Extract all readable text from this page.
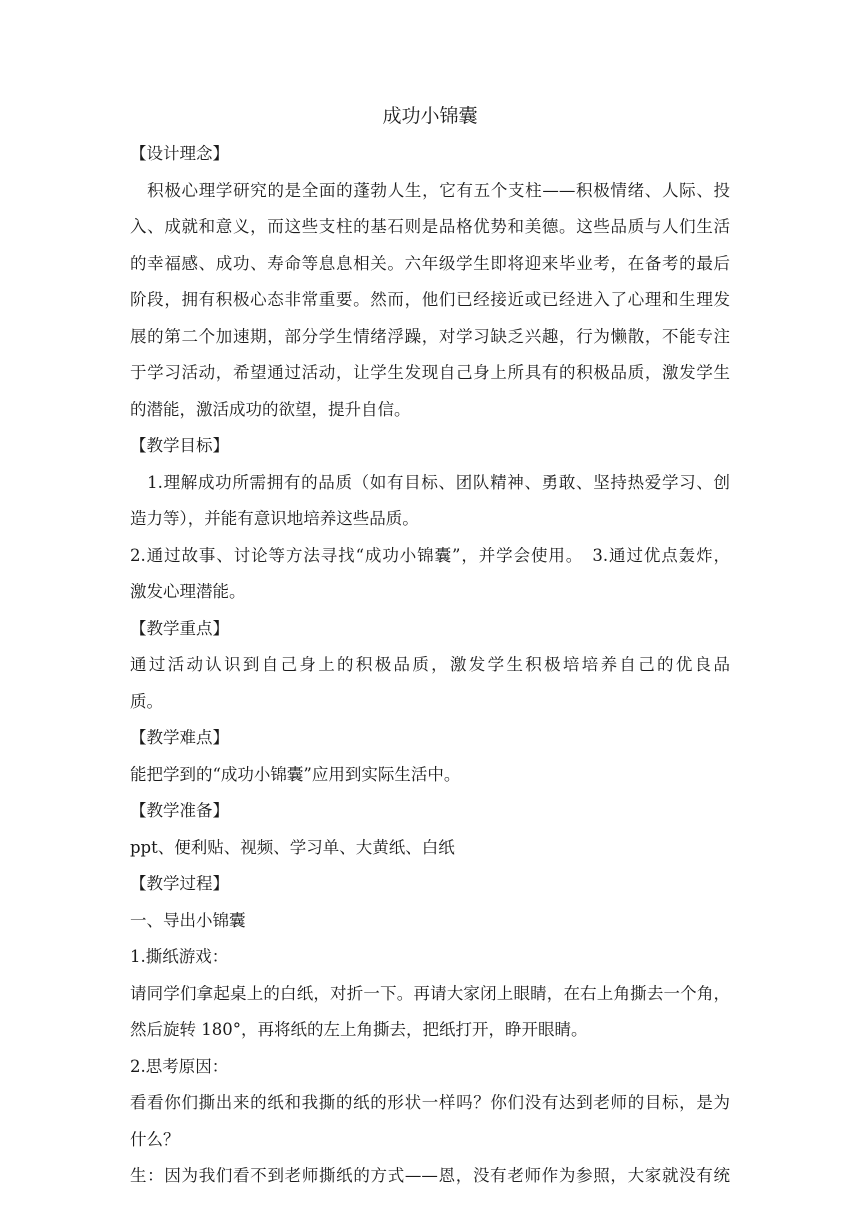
成功小锦囊

【设计理念】

　积极心理学研究的是全面的蓬勃人生，它有五个支柱——积极情绪、人际、投

入、成就和意义，而这些支柱的基石则是品格优势和美德。这些品质与人们生活

的幸福感、成功、寿命等息息相关。六年级学生即将迎来毕业考，在备考的最后

阶段，拥有积极心态非常重要。然而，他们已经接近或已经进入了心理和生理发

展的第二个加速期，部分学生情绪浮躁，对学习缺乏兴趣，行为懒散，不能专注

于学习活动，希望通过活动，让学生发现自己身上所具有的积极品质，激发学生

的潜能，激活成功的欲望，提升自信。

【教学目标】

　1.理解成功所需拥有的品质（如有目标、团队精神、勇敢、坚持热爱学习、创

造力等），并能有意识地培养这些品质。

2.通过故事、讨论等方法寻找“成功小锦囊”，并学会使用。　3.通过优点轰炸，

激发心理潜能。

【教学重点】

通过活动认识到自己身上的积极品质，激发学生积极培培养自己的优良品

质。

【教学难点】

能把学到的“成功小锦囊”应用到实际生活中。

【教学准备】

ppt、便利贴、视频、学习单、大黄纸、白纸

【教学过程】

一、导出小锦囊

1.撕纸游戏：

请同学们拿起桌上的白纸，对折一下。再请大家闭上眼睛，在右上角撕去一个角，

然后旋转 180°，再将纸的左上角撕去，把纸打开，睁开眼睛。

2.思考原因：

看看你们撕出来的纸和我撕的纸的形状一样吗？你们没有达到老师的目标，是为

什么？

生：因为我们看不到老师撕纸的方式——恩，没有老师作为参照，大家就没有统
